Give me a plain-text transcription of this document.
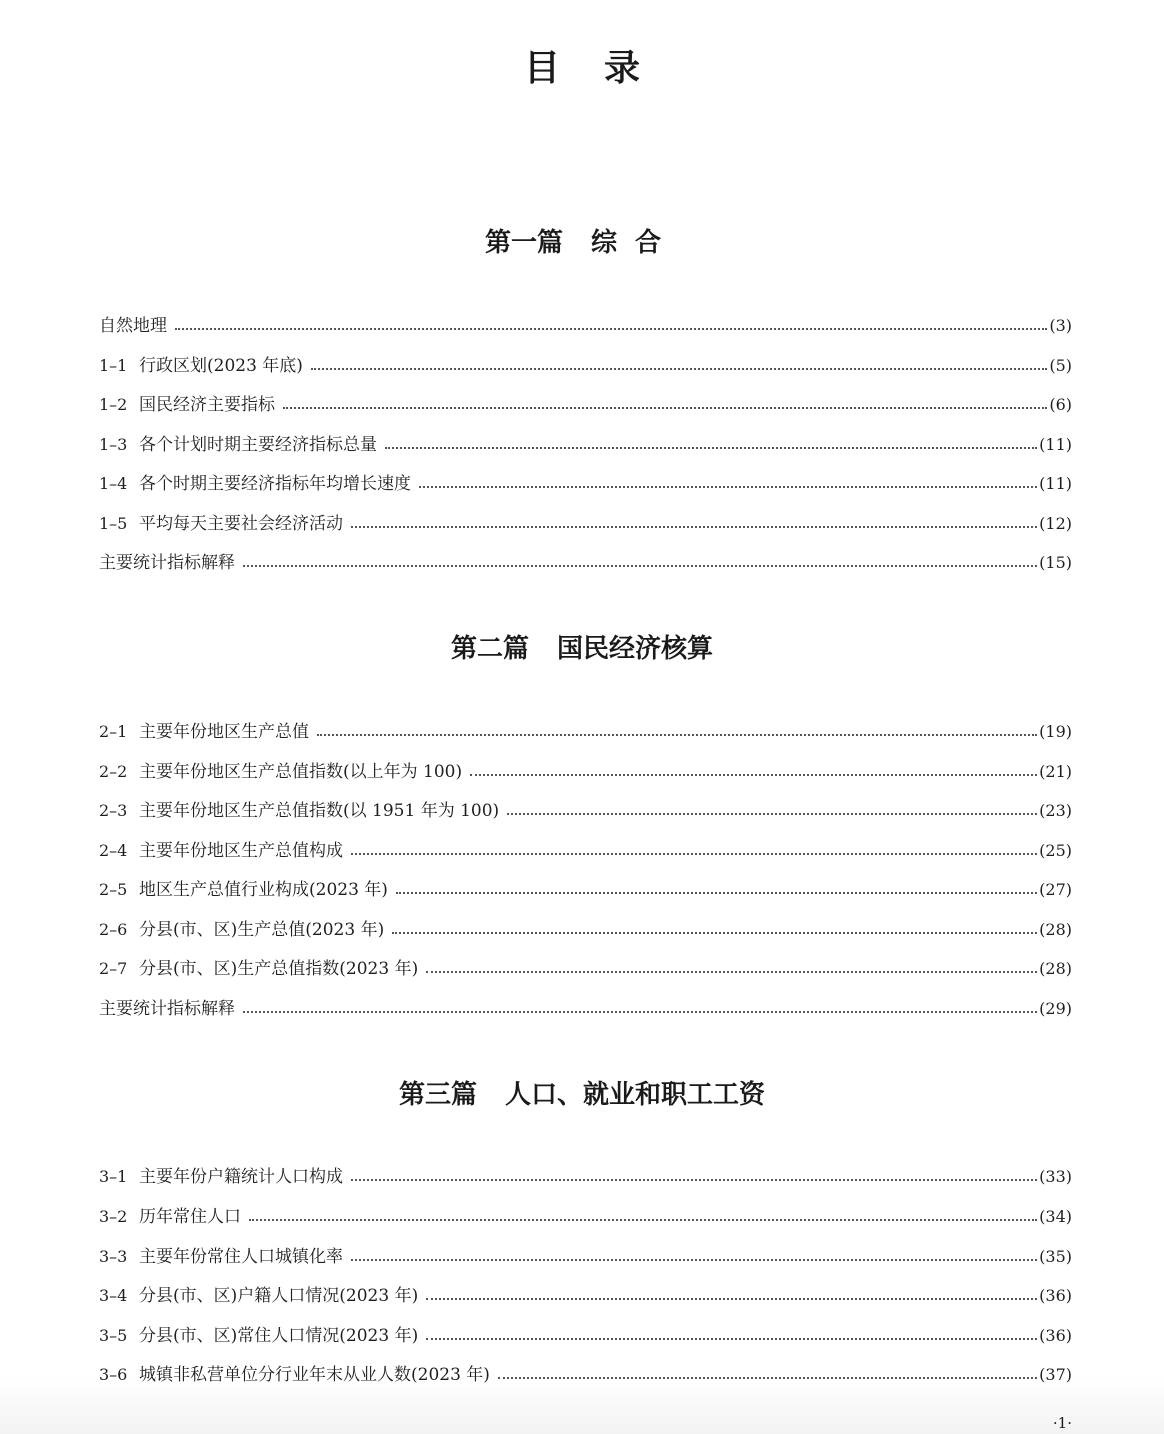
目录
第一篇 综合
自然地理	(3)
1–1 行政区划(2023 年底)	(5)
1–2 国民经济主要指标	(6)
1–3 各个计划时期主要经济指标总量	(11)
1–4 各个时期主要经济指标年均增长速度	(11)
1–5 平均每天主要社会经济活动	(12)
主要统计指标解释	(15)
第二篇 国民经济核算
2–1 主要年份地区生产总值	(19)
2–2 主要年份地区生产总值指数(以上年为 100)	(21)
2–3 主要年份地区生产总值指数(以 1951 年为 100)	(23)
2–4 主要年份地区生产总值构成	(25)
2–5 地区生产总值行业构成(2023 年)	(27)
2–6 分县(市、区)生产总值(2023 年)	(28)
2–7 分县(市、区)生产总值指数(2023 年)	(28)
主要统计指标解释	(29)
第三篇 人口、就业和职工工资
3–1 主要年份户籍统计人口构成	(33)
3–2 历年常住人口	(34)
3–3 主要年份常住人口城镇化率	(35)
3–4 分县(市、区)户籍人口情况(2023 年)	(36)
3–5 分县(市、区)常住人口情况(2023 年)	(36)
3–6 城镇非私营单位分行业年末从业人数(2023 年)	(37)
·1·
